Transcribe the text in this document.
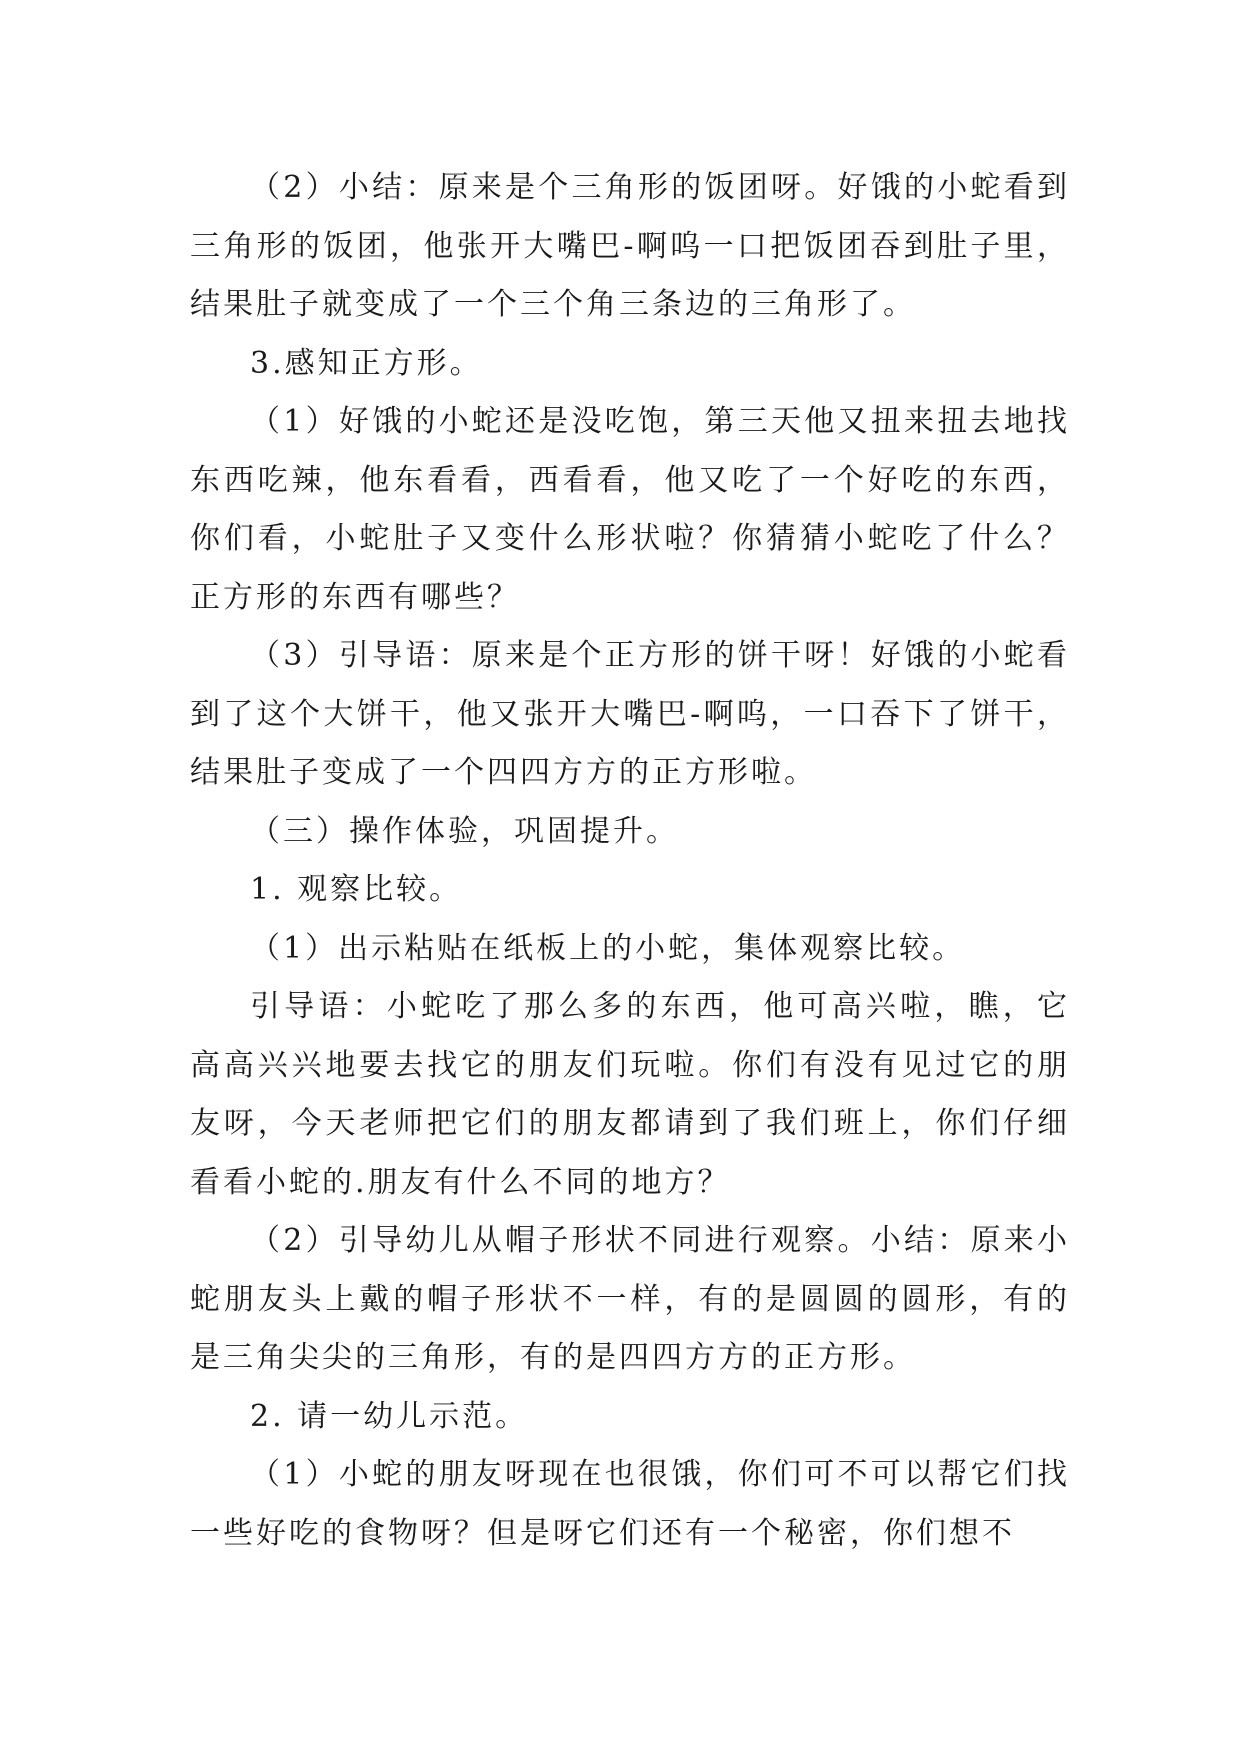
（2）小结：原来是个三角形的饭团呀。好饿的小蛇看到三角形的饭团，他张开大嘴巴-啊呜一口把饭团吞到肚子里，结果肚子就变成了一个三个角三条边的三角形了。

3.感知正方形。

（1）好饿的小蛇还是没吃饱，第三天他又扭来扭去地找东西吃辣，他东看看，西看看，他又吃了一个好吃的东西，你们看，小蛇肚子又变什么形状啦？你猜猜小蛇吃了什么？正方形的东西有哪些？

（3）引导语：原来是个正方形的饼干呀！好饿的小蛇看到了这个大饼干，他又张开大嘴巴-啊呜，一口吞下了饼干，结果肚子变成了一个四四方方的正方形啦。

（三）操作体验，巩固提升。

1. 观察比较。

（1）出示粘贴在纸板上的小蛇，集体观察比较。

引导语：小蛇吃了那么多的东西，他可高兴啦，瞧，它高高兴兴地要去找它的朋友们玩啦。你们有没有见过它的朋友呀，今天老师把它们的朋友都请到了我们班上，你们仔细看看小蛇的.朋友有什么不同的地方？

（2）引导幼儿从帽子形状不同进行观察。小结：原来小蛇朋友头上戴的帽子形状不一样，有的是圆圆的圆形，有的是三角尖尖的三角形，有的是四四方方的正方形。

2. 请一幼儿示范。

（1）小蛇的朋友呀现在也很饿，你们可不可以帮它们找一些好吃的食物呀？但是呀它们还有一个秘密，你们想不
